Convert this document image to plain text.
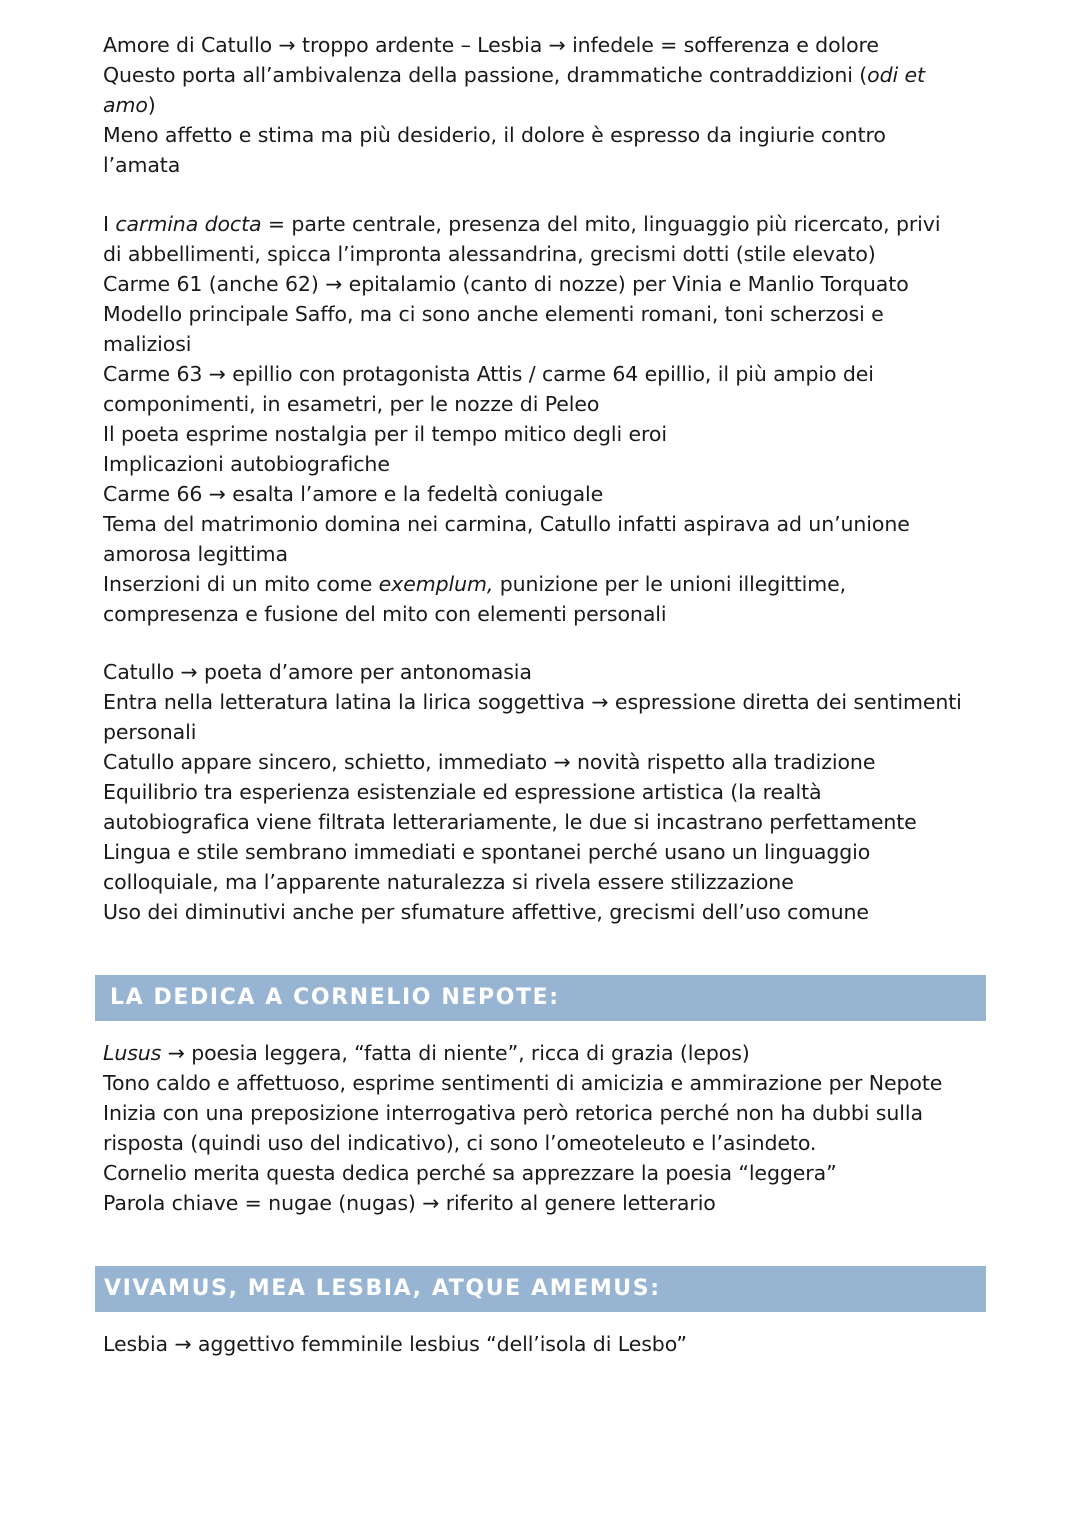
Amore di Catullo → troppo ardente – Lesbia → infedele = sofferenza e dolore
Questo porta all’ambivalenza della passione, drammatiche contraddizioni (odi et
amo)
Meno affetto e stima ma più desiderio, il dolore è espresso da ingiurie contro
l’amata
I carmina docta = parte centrale, presenza del mito, linguaggio più ricercato, privi
di abbellimenti, spicca l’impronta alessandrina, grecismi dotti (stile elevato)
Carme 61 (anche 62) → epitalamio (canto di nozze) per Vinia e Manlio Torquato
Modello principale Saffo, ma ci sono anche elementi romani, toni scherzosi e
maliziosi
Carme 63 → epillio con protagonista Attis / carme 64 epillio, il più ampio dei
componimenti, in esametri, per le nozze di Peleo
Il poeta esprime nostalgia per il tempo mitico degli eroi
Implicazioni autobiografiche
Carme 66 → esalta l’amore e la fedeltà coniugale
Tema del matrimonio domina nei carmina, Catullo infatti aspirava ad un’unione
amorosa legittima
Inserzioni di un mito come exemplum, punizione per le unioni illegittime,
compresenza e fusione del mito con elementi personali
Catullo → poeta d’amore per antonomasia
Entra nella letteratura latina la lirica soggettiva → espressione diretta dei sentimenti
personali
Catullo appare sincero, schietto, immediato → novità rispetto alla tradizione
Equilibrio tra esperienza esistenziale ed espressione artistica (la realtà
autobiografica viene filtrata letterariamente, le due si incastrano perfettamente
Lingua e stile sembrano immediati e spontanei perché usano un linguaggio
colloquiale, ma l’apparente naturalezza si rivela essere stilizzazione
Uso dei diminutivi anche per sfumature affettive, grecismi dell’uso comune
LA DEDICA A CORNELIO NEPOTE:
Lusus → poesia leggera, “fatta di niente”, ricca di grazia (lepos)
Tono caldo e affettuoso, esprime sentimenti di amicizia e ammirazione per Nepote
Inizia con una preposizione interrogativa però retorica perché non ha dubbi sulla
risposta (quindi uso del indicativo), ci sono l’omeoteleuto e l’asindeto.
Cornelio merita questa dedica perché sa apprezzare la poesia “leggera”
Parola chiave = nugae (nugas) → riferito al genere letterario
VIVAMUS, MEA LESBIA, ATQUE AMEMUS:
Lesbia → aggettivo femminile lesbius “dell’isola di Lesbo”
